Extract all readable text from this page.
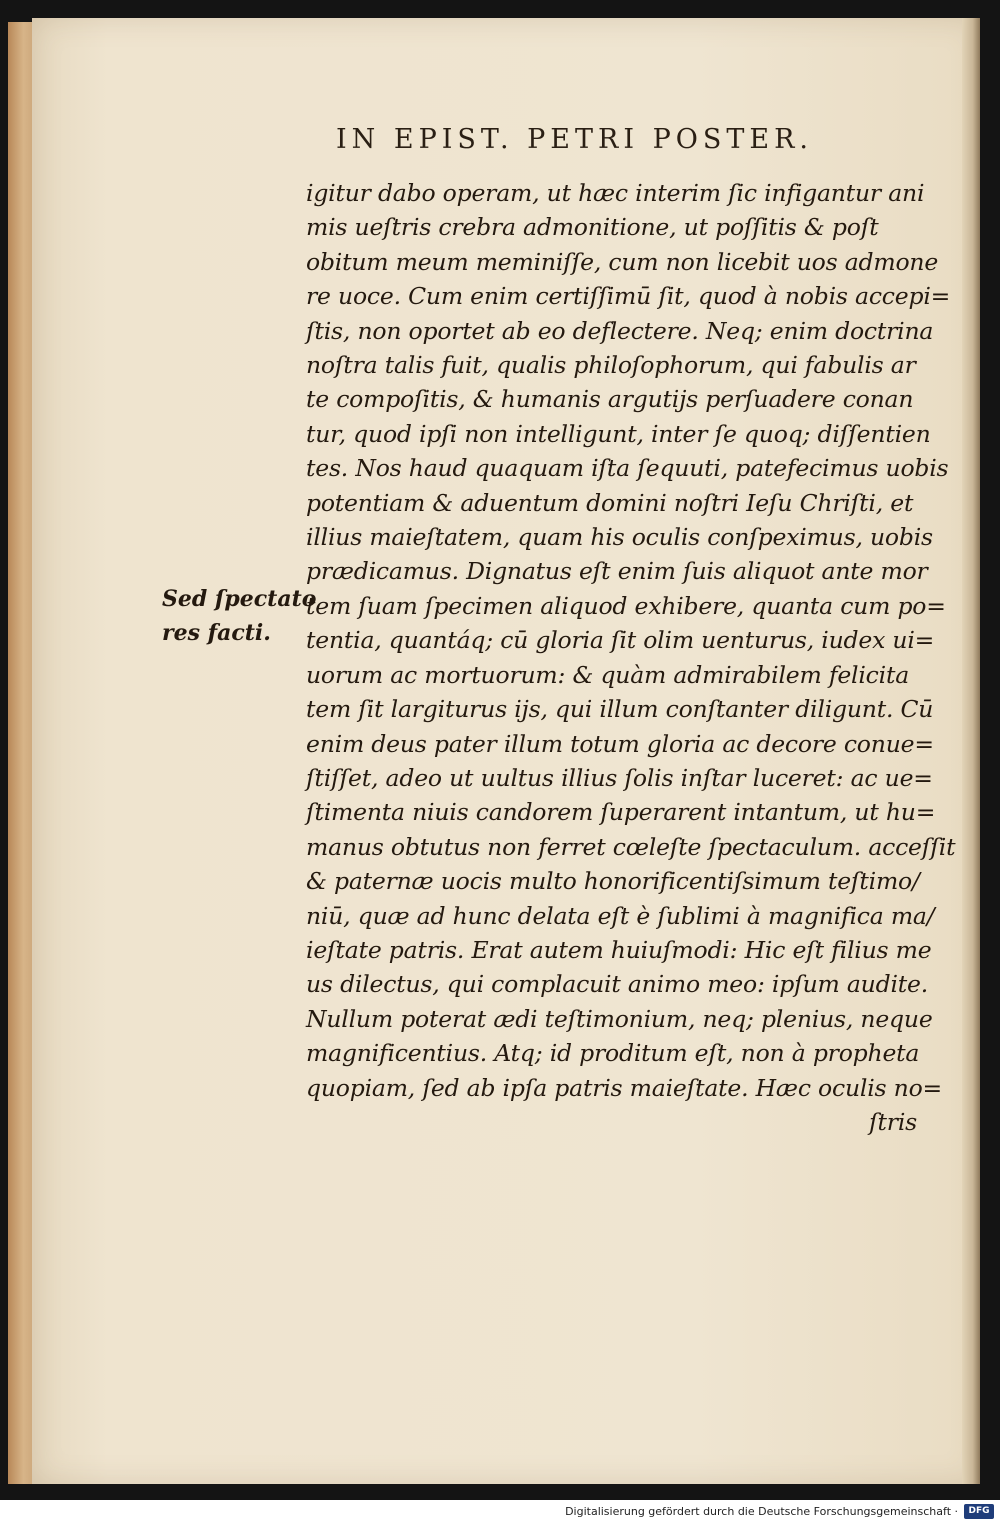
IN EPIST. PETRI POSTER.
Sed ſpectato
res facti.
igitur dabo operam, ut hæc interim ſic infigantur ani
mis ueſtris crebra admonitione, ut poſſitis & poſt
obitum meum meminiſſe, cum non licebit uos admone
re uoce. Cum enim certiſſimū ſit, quod à nobis accepi=
ſtis, non oportet ab eo deflectere. Neq; enim doctrina
noſtra talis fuit, qualis philoſophorum, qui fabulis ar
te compoſitis, & humanis argutijs perſuadere conan
tur, quod ipſi non intelligunt, inter ſe quoq; diſſentien
tes. Nos haud quaquam iſta ſequuti, patefecimus uobis
potentiam & aduentum domini noſtri Ieſu Chriſti, et
illius maieſtatem, quam his oculis conſpeximus, uobis
prædicamus. Dignatus eſt enim ſuis aliquot ante mor
tem ſuam ſpecimen aliquod exhibere, quanta cum po=
tentia, quantáq; cū gloria ſit olim uenturus, iudex ui=
uorum ac mortuorum: & quàm admirabilem felicita
tem ſit largiturus ijs, qui illum conſtanter diligunt. Cū
enim deus pater illum totum gloria ac decore conue=
ſtiſſet, adeo ut uultus illius ſolis inſtar luceret: ac ue=
ſtimenta niuis candorem ſuperarent intantum, ut hu=
manus obtutus non ferret cœleſte ſpectaculum. acceſſit
& paternæ uocis multo honorificentiſsimum teſtimo/
niū, quæ ad hunc delata eſt è ſublimi à magnifica ma/
ieſtate patris. Erat autem huiuſmodi: Hic eſt filius me
us dilectus, qui complacuit animo meo: ipſum audite.
Nullum poterat ædi teſtimonium, neq; plenius, neque
magnificentius. Atq; id proditum eſt, non à propheta
quopiam, ſed ab ipſa patris maieſtate. Hæc oculis no=
ſtris
Digitalisierung gefördert durch die Deutsche Forschungsgemeinschaft ·	DFG
